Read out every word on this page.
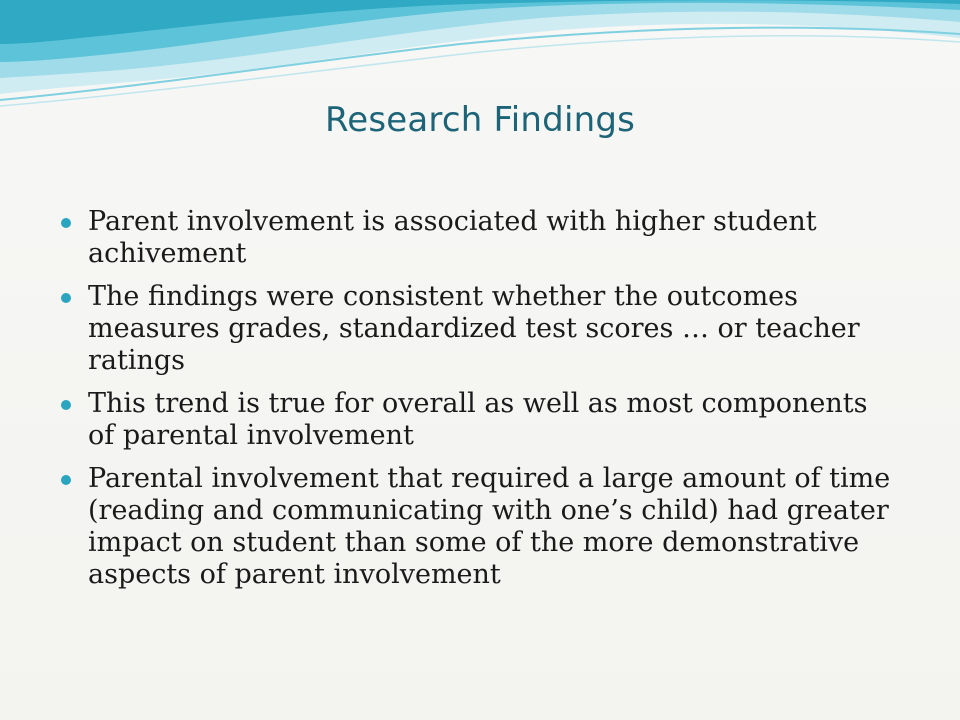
Research Findings
Parent involvement is associated with higher student achivement
The findings were consistent whether the outcomes measures grades, standardized test scores … or teacher ratings
This trend is true for overall as well as most components of parental involvement
Parental involvement that required a large amount of time (reading and communicating with one’s child) had greater impact on student than some of the more demonstrative aspects of parent involvement
